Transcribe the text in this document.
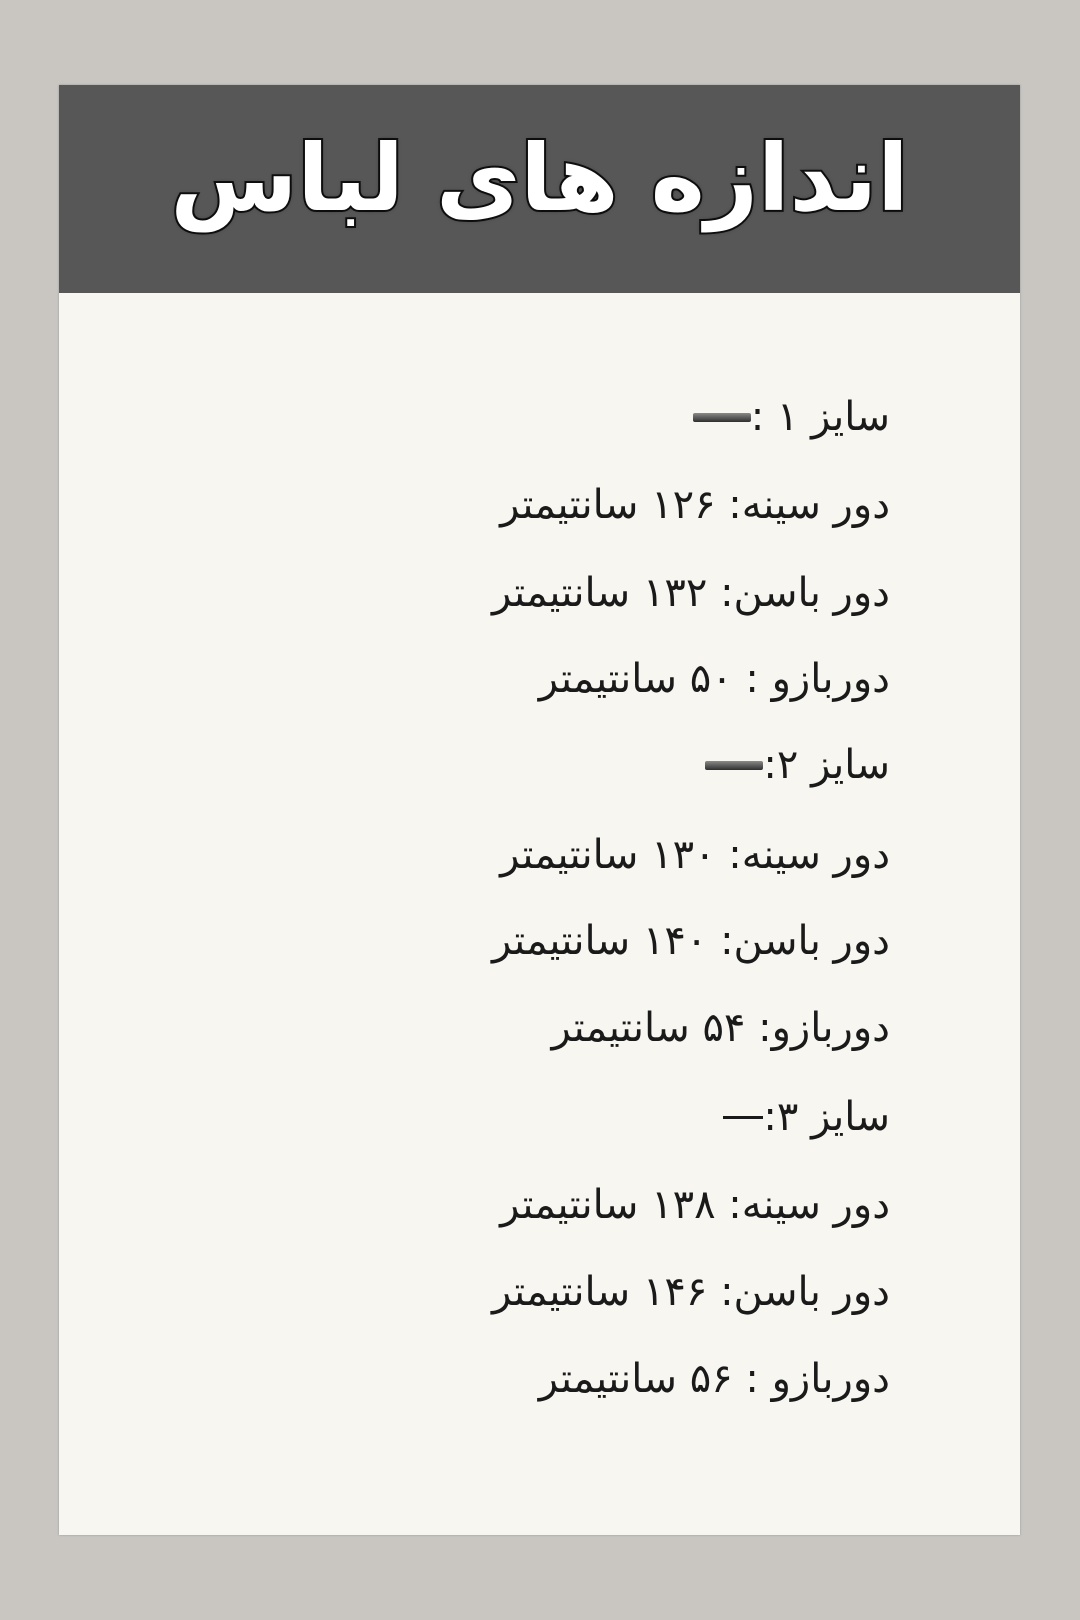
اندازه های لباس
سایز ۱ :
دور سینه: ۱۲۶ سانتیمتر
دور باسن: ۱۳۲ سانتیمتر
دوربازو : ۵۰ سانتیمتر
سایز ۲:
دور سینه: ۱۳۰ سانتیمتر
دور باسن: ۱۴۰ سانتیمتر
دوربازو: ۵۴ سانتیمتر
سایز ۳:
دور سینه: ۱۳۸ سانتیمتر
دور باسن: ۱۴۶ سانتیمتر
دوربازو : ۵۶ سانتیمتر
